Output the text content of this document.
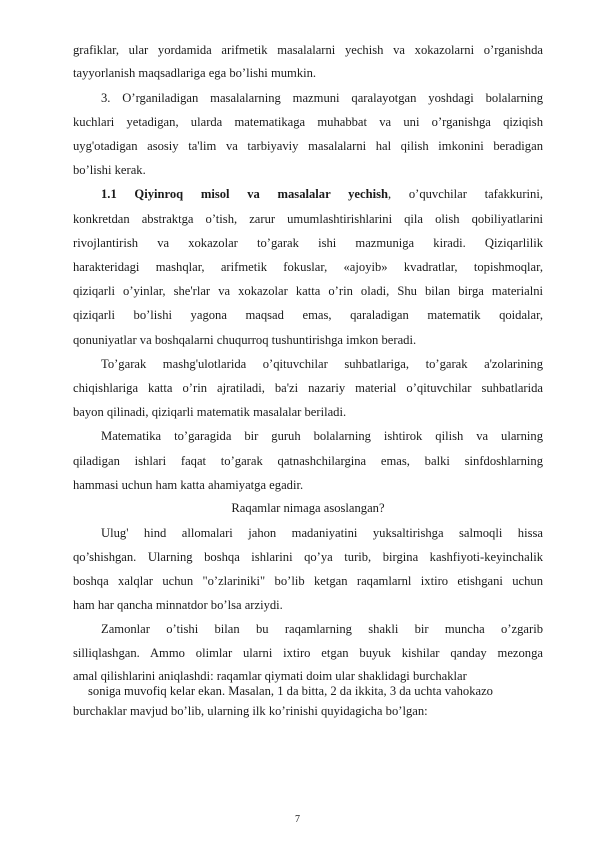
grafiklar, ular yordamida arifmetik masalalarni yechish va xokazolarni o’rganishda
tayyorlanish maqsadlariga ega bo’lishi mumkin.
3. O’rganiladigan masalalarning mazmuni qaralayotgan yoshdagi bolalarning
kuchlari yetadigan, ularda matematikaga muhabbat va uni o’rganishga qiziqish
uyg'otadigan asosiy ta'lim va tarbiyaviy masalalarni hal qilish imkonini beradigan
bo’lishi kerak.
1.1 Qiyinroq misol va masalalar yechish, o’quvchilar tafakkurini,
konkretdan abstraktga o’tish, zarur umumlashtirishlarini qila olish qobiliyatlarini
rivojlantirish va xokazolar to’garak ishi mazmuniga kiradi. Qiziqarlilik
harakteridagi mashqlar, arifmetik fokuslar, «ajoyib» kvadratlar, topishmoqlar,
qiziqarli o’yinlar, she'rlar va xokazolar katta o’rin oladi, Shu bilan birga materialni
qiziqarli bo’lishi yagona maqsad emas, qaraladigan matematik qoidalar,
qonuniyatlar va boshqalarni chuqurroq tushuntirishga imkon beradi.
To’garak mashg'ulotlarida o’qituvchilar suhbatlariga, to’garak a'zolarining
chiqishlariga katta o’rin ajratiladi, ba'zi nazariy material o’qituvchilar suhbatlarida
bayon qilinadi, qiziqarli matematik masalalar beriladi.
Matematika to’garagida bir guruh bolalarning ishtirok qilish va ularning
qiladigan ishlari faqat to’garak qatnashchilargina emas, balki sinfdoshlarning
hammasi uchun ham katta ahamiyatga egadir.
Raqamlar nimaga asoslangan?
Ulug' hind allomalari jahon madaniyatini yuksaltirishga salmoqli hissa
qo’shishgan. Ularning boshqa ishlarini qo’ya turib, birgina kashfiyoti-keyinchalik
boshqa xalqlar uchun "o’zlariniki" bo’lib ketgan raqamlarnl ixtiro etishgani uchun
ham har qancha minnatdor bo’lsa arziydi.
Zamonlar o’tishi bilan bu raqamlarning shakli bir muncha o’zgarib
silliqlashgan. Ammo olimlar ularni ixtiro etgan buyuk kishilar qanday mezonga
amal qilishlarini aniqlashdi: raqamlar qiymati doim ular shaklidagi burchaklar
soniga muvofiq kelar ekan. Masalan, 1 da bitta, 2 da ikkita, 3 da uchta vahokazo
burchaklar mavjud bo’lib, ularning ilk ko’rinishi quyidagicha bo’lgan:
7
